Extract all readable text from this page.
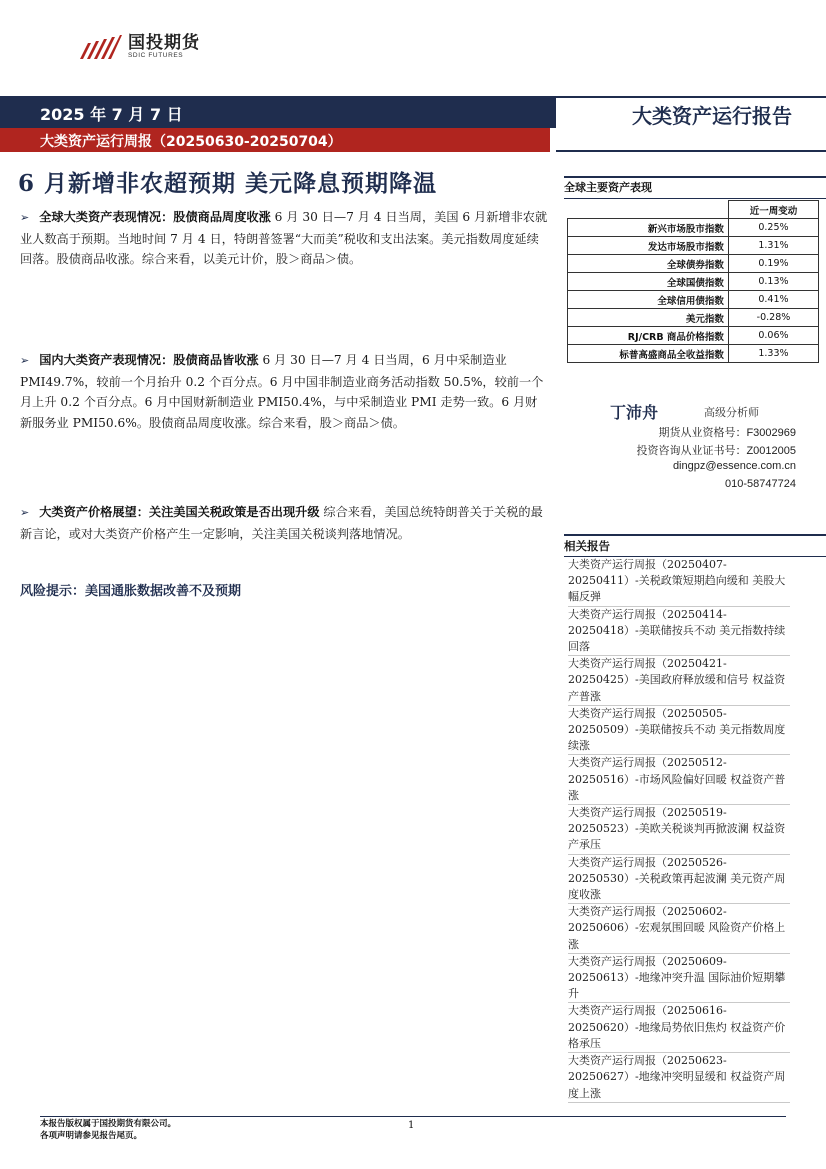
国投期货
SDIC FUTURES
2025 年 7 月 7 日
大类资产运行周报（20250630-20250704）
大类资产运行报告
6 月新增非农超预期 美元降息预期降温
➢ 全球大类资产表现情况：股债商品周度收涨 6 月 30 日—7 月 4 日当周，美国 6 月新增非农就业人数高于预期。当地时间 7 月 4 日，特朗普签署“大而美”税收和支出法案。美元指数周度延续回落。股债商品收涨。综合来看，以美元计价，股＞商品＞债。
➢ 国内大类资产表现情况：股债商品皆收涨 6 月 30 日—7 月 4 日当周，6 月中采制造业 PMI49.7%，较前一个月抬升 0.2 个百分点。6 月中国非制造业商务活动指数 50.5%，较前一个月上升 0.2 个百分点。6 月中国财新制造业 PMI50.4%，与中采制造业 PMI 走势一致。6 月财新服务业 PMI50.6%。股债商品周度收涨。综合来看，股＞商品＞债。
➢ 大类资产价格展望：关注美国关税政策是否出现升级 综合来看，美国总统特朗普关于关税的最新言论，或对大类资产价格产生一定影响，关注美国关税谈判落地情况。
风险提示：美国通胀数据改善不及预期
全球主要资产表现
	近一周变动
新兴市场股市指数	0.25%
发达市场股市指数	1.31%
全球债券指数	0.19%
全球国债指数	0.13%
全球信用债指数	0.41%
美元指数	-0.28%
RJ/CRB 商品价格指数	0.06%
标普高盛商品全收益指数	1.33%
丁沛舟	高级分析师
期货从业资格号：F3002969
投资咨询从业证书号：Z0012005
dingpz@essence.com.cn
010-58747724
相关报告
大类资产运行周报（20250407-20250411）-关税政策短期趋向缓和 美股大幅反弹
大类资产运行周报（20250414-20250418）-美联储按兵不动 美元指数持续回落
大类资产运行周报（20250421-20250425）-美国政府释放缓和信号 权益资产普涨
大类资产运行周报（20250505-20250509）-美联储按兵不动 美元指数周度续涨
大类资产运行周报（20250512-20250516）-市场风险偏好回暖 权益资产普涨
大类资产运行周报（20250519-20250523）-美欧关税谈判再掀波澜 权益资产承压
大类资产运行周报（20250526-20250530）-关税政策再起波澜 美元资产周度收涨
大类资产运行周报（20250602-20250606）-宏观氛围回暖 风险资产价格上涨
大类资产运行周报（20250609-20250613）-地缘冲突升温 国际油价短期攀升
大类资产运行周报（20250616-20250620）-地缘局势依旧焦灼 权益资产价格承压
大类资产运行周报（20250623-20250627）-地缘冲突明显缓和 权益资产周度上涨
本报告版权属于国投期货有限公司。
各项声明请参见报告尾页。
1
